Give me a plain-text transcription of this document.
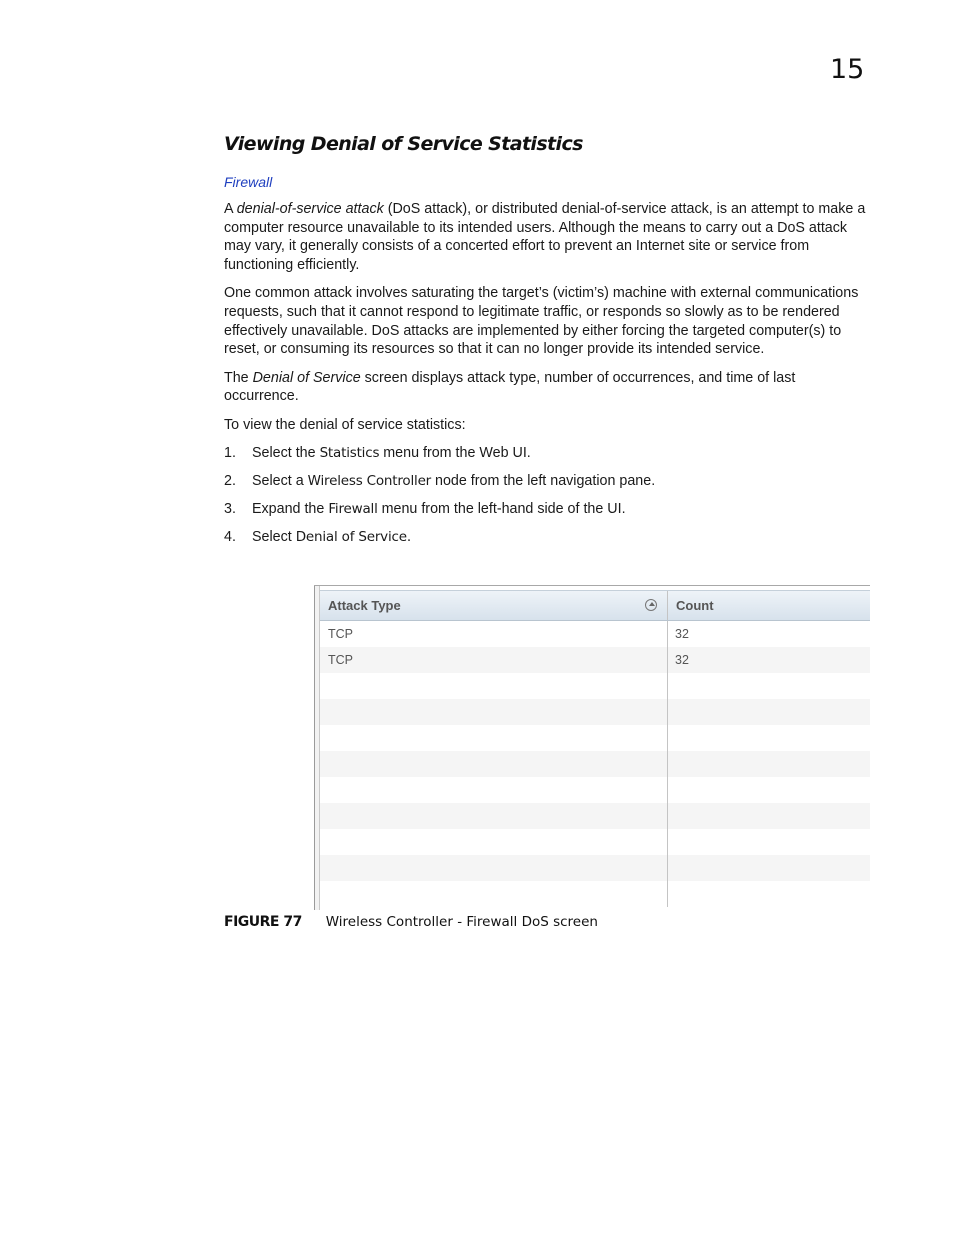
15
Viewing Denial of Service Statistics
Firewall

A denial-of-service attack (DoS attack), or distributed denial-of-service attack, is an attempt to make a computer resource unavailable to its intended users. Although the means to carry out a DoS attack may vary, it generally consists of a concerted effort to prevent an Internet site or service from functioning efficiently.

One common attack involves saturating the target’s (victim’s) machine with external communications requests, such that it cannot respond to legitimate traffic, or responds so slowly as to be rendered effectively unavailable. DoS attacks are implemented by either forcing the targeted computer(s) to reset, or consuming its resources so that it can no longer provide its intended service.

The Denial of Service screen displays attack type, number of occurrences, and time of last occurrence.

To view the denial of service statistics:

1. Select the Statistics menu from the Web UI.
2. Select a Wireless Controller node from the left navigation pane.
3. Expand the Firewall menu from the left-hand side of the UI.
4. Select Denial of Service.
Attack Type	Count
TCP	32
TCP	32
FIGURE 77 Wireless Controller - Firewall DoS screen
